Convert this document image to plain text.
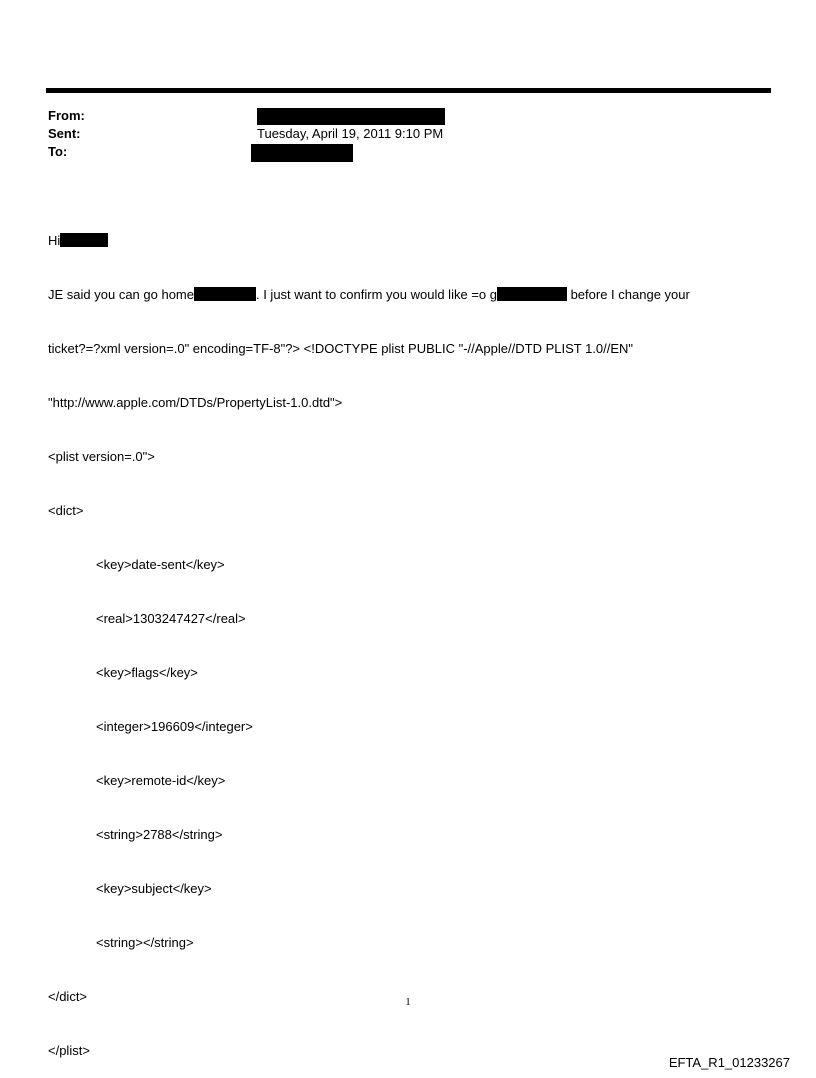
From:
Sent:
To:
Tuesday, April 19, 2011 9:10 PM

Hi

JE said you can go home	. I just want to confirm you would like =o g	before I change your

ticket?=?xml version=.0" encoding=TF-8"?> <!DOCTYPE plist PUBLIC "-//Apple//DTD PLIST 1.0//EN"

"http://www.apple.com/DTDs/PropertyList-1.0.dtd">

<plist version=.0">

<dict>

<key>date-sent</key>

<real>1303247427</real>

<key>flags</key>

<integer>196609</integer>

<key>remote-id</key>

<string>2788</string>

<key>subject</key>

<string></string>

</dict>

</plist>

1
EFTA_R1_01233267
